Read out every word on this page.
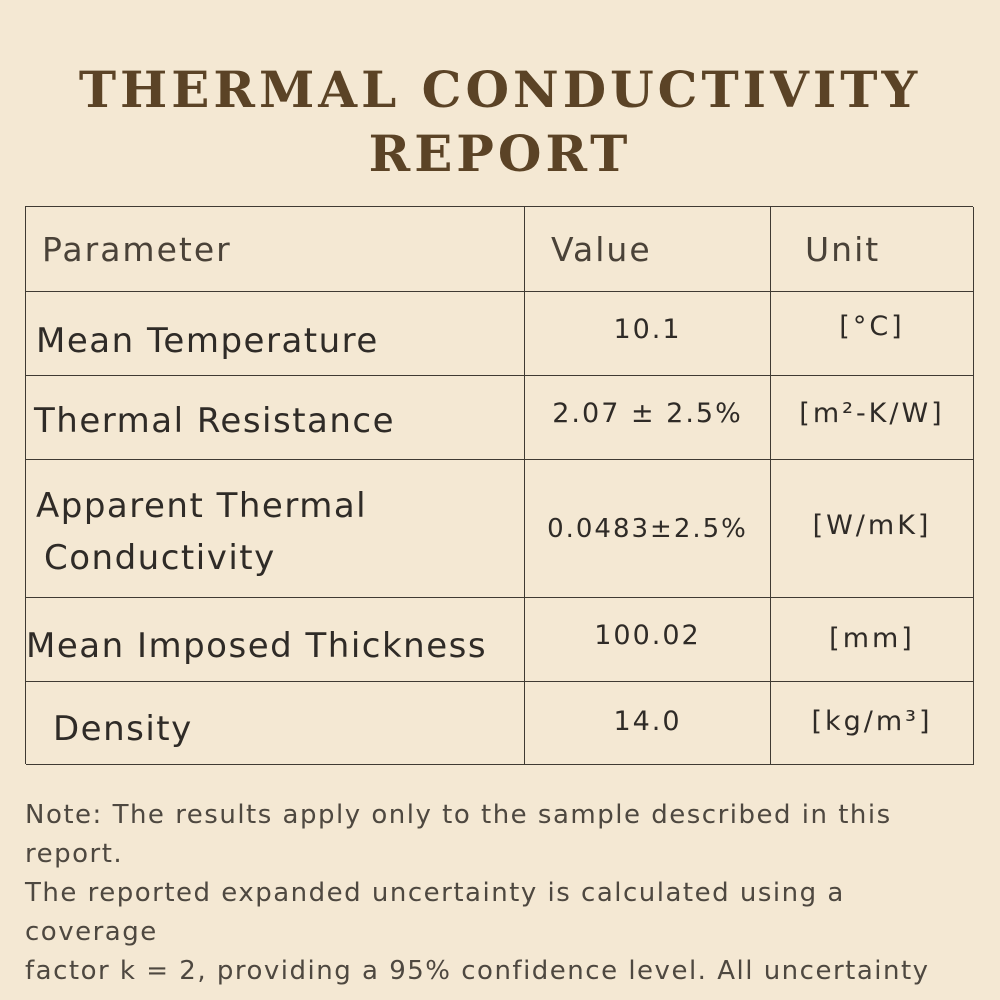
THERMAL CONDUCTIVITY
REPORT
Parameter	Value	Unit
Mean Temperature	10.1	[°C]
Thermal Resistance	2.07 ± 2.5%	[m²-K/W]
Apparent Thermal
Conductivity
0.0483±2.5%	[W/mK]
Mean Imposed Thickness	100.02	[mm]
Density	14.0	[kg/m³]
Note: The results apply only to the sample described in this
report.
The reported expanded uncertainty is calculated using a
coverage
factor k = 2, providing a 95% confidence level. All uncertainty
